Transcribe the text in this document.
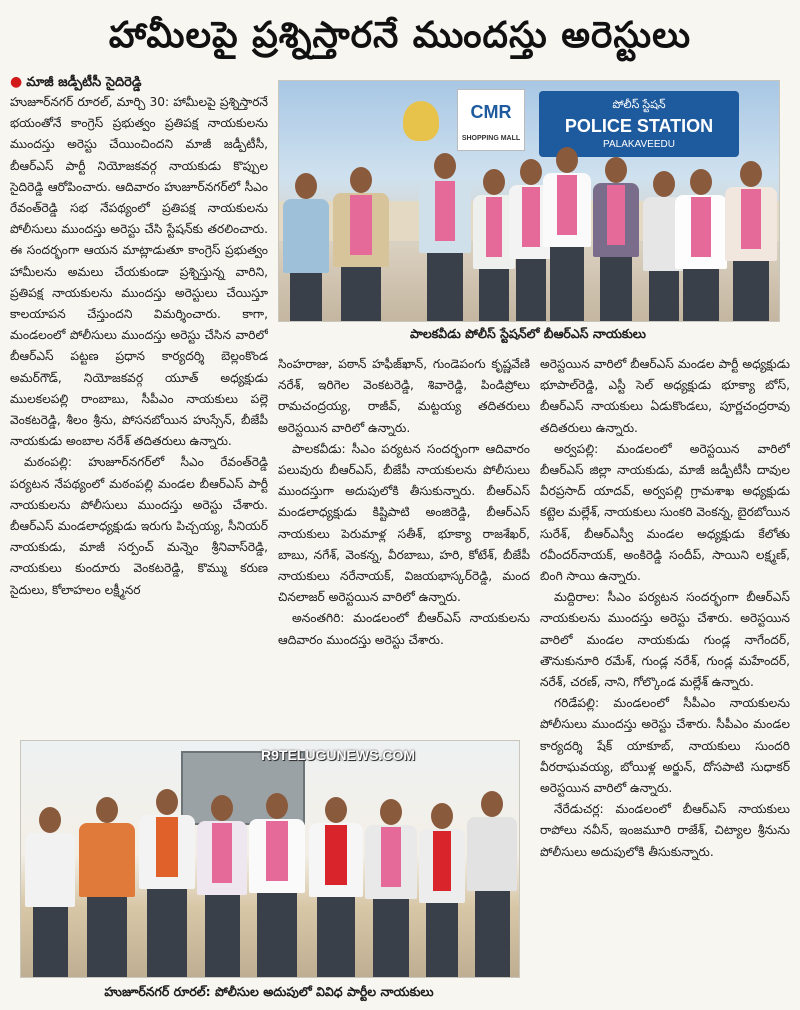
హామీలపై ప్రశ్నిస్తారనే ముందస్తు అరెస్టులు
● మాజీ జడ్పీటీసీ సైదిరెడ్డి

హుజూర్‌నగర్ రూరల్, మార్చి 30: హామీలపై ప్రశ్నిస్తారనే భయంతోనే కాంగ్రెస్ ప్రభుత్వం ప్రతిపక్ష నాయకులను ముందస్తు అరెస్టు చేయించిందని మాజీ జడ్పీటీసీ, బీఆర్ఎస్ పార్టీ నియోజకవర్గ నాయకుడు కొప్పుల సైదిరెడ్డి ఆరోపించారు. ఆదివారం హుజూర్‌నగర్‌లో సీఎం రేవంత్‌రెడ్డి సభ నేపథ్యంలో ప్రతిపక్ష నాయకులను పోలీసులు ముందస్తు అరెస్టు చేసి స్టేషన్‌కు తరలించారు. ఈ సందర్భంగా ఆయన మాట్లాడుతూ కాంగ్రెస్ ప్రభుత్వం హామీలను అమలు చేయకుండా ప్రశ్నిస్తున్న వారిని, ప్రతిపక్ష నాయకులను ముందస్తు అరెస్టులు చేయిస్తూ కాలయాపన చేస్తుందని విమర్శించారు. కాగా, మండలంలో పోలీసులు ముందస్తు అరెస్టు చేసిన వారిలో బీఆర్ఎస్ పట్టణ ప్రధాన కార్యదర్శి బెల్లంకొండ అమర్‌గౌడ్, నియోజకవర్గ యూత్ అధ్యక్షుడు ములకలపల్లి రాంబాబు, సీపీఎం నాయకులు పల్లె వెంకటరెడ్డి, శీలం శ్రీను, పోసనబోయిన హుస్సేన్, బీజేపీ నాయకుడు అంబాల నరేశ్ తదితరులు ఉన్నారు.

మఠంపల్లి: హుజూర్‌నగర్‌లో సీఎం రేవంత్‌రెడ్డి పర్యటన నేపథ్యంలో మఠంపల్లి మండల బీఆర్ఎస్ పార్టీ నాయకులను పోలీసులు ముందస్తు అరెస్టు చేశారు. బీఆర్ఎస్ మండలాధ్యక్షుడు ఇరుగు పిచ్చయ్య, సీనియర్ నాయకుడు, మాజీ సర్పంచ్ మన్నెం శ్రీనివాస్‌రెడ్డి, నాయకులు కుందూరు వెంకటరెడ్డి, కొమ్ము కరుణ సైదులు, కోలాహలం లక్ష్మీనర

CMR
SHOPPING MALL
పోలీస్ స్టేషన్
POLICE STATION
PALAKAVEEDU
పాలకవీడు పోలీస్ స్టేషన్‌లో బీఆర్ఎస్ నాయకులు

సింహరాజు, పఠాన్ హఫీజ్‌ఖాన్, గుండెపంగు కృష్ణవేణి నరేశ్, ఇరిగెల వెంకటరెడ్డి, శివారెడ్డి, పిండిప్రోలు రామచంద్రయ్య, రాజీవ్, మట్టయ్య తదితరులు అరెస్టయిన వారిలో ఉన్నారు.

పాలకవీడు: సీఎం పర్యటన సందర్భంగా ఆదివారం పలువురు బీఆర్ఎస్, బీజేపీ నాయకులను పోలీసులు ముందస్తుగా అదుపులోకి తీసుకున్నారు. బీఆర్ఎస్ మండలాధ్యక్షుడు కిష్టిపాటి అంజిరెడ్డి, బీఆర్ఎస్ నాయకులు పెరుమాళ్ల సతీశ్, భూక్యా రాజశేఖర్, బాబు, నగేశ్, వెంకన్న, వీరబాబు, హరి, కోటేశ్, బీజేపీ నాయకులు నరేనాయక్, విజయభాస్కర్‌రెడ్డి, మంద చినలాజర్ అరెస్టయిన వారిలో ఉన్నారు.

అనంతగిరి: మండలంలో బీఆర్ఎస్ నాయకులను ఆదివారం ముందస్తు అరెస్టు చేశారు.

అరెస్టయిన వారిలో బీఆర్ఎస్ మండల పార్టీ అధ్యక్షుడు భూపాల్‌రెడ్డి, ఎస్టీ సెల్ అధ్యక్షుడు భూక్యా బోస్, బీఆర్ఎస్ నాయకులు ఏడుకొండలు, పూర్ణచంద్రరావు తదితరులు ఉన్నారు.

అర్వపల్లి: మండలంలో అరెస్టయిన వారిలో బీఆర్ఎస్ జిల్లా నాయకుడు, మాజీ జడ్పీటీసీ దావుల వీరప్రసాద్ యాదవ్, అర్వపల్లి గ్రామశాఖ అధ్యక్షుడు కట్టెల మల్లేశ్, నాయకులు సుంకరి వెంకన్న, బైరబోయిన సురేశ్, బీఆర్ఎస్వీ మండల అధ్యక్షుడు కేలోతు రవీందర్‌నాయక్, అంకిరెడ్డి సందీప్, సాయిని లక్ష్మణ్, బింగి సాయి ఉన్నారు.

మద్దిరాల: సీఎం పర్యటన సందర్భంగా బీఆర్ఎస్ నాయకులను ముందస్తు అరెస్టు చేశారు. అరెస్టయిన వారిలో మండల నాయకుడు గుండ్ల నాగేందర్, తౌనుకునూరి రమేశ్, గుండ్ల నరేశ్, గుండ్ల మహేందర్, నరేశ్, చరణ్, నాని, గోల్కొండ మల్లేశ్ ఉన్నారు.

గరిడేపల్లి: మండలంలో సీపీఎం నాయకులను పోలీసులు ముందస్తు అరెస్టు చేశారు. సీపీఎం మండల కార్యదర్శి షేక్ యాకూబ్, నాయకులు సుందరి వీరరాఘవయ్య, బోయిళ్ల అర్జున్, దోసపాటి సుధాకర్ అరెస్టయిన వారిలో ఉన్నారు.

నేరేడుచర్ల: మండలంలో బీఆర్ఎస్ నాయకులు రాపోలు నవీన్, ఇంజమూరి రాజేశ్, చిట్యాల శ్రీనును పోలీసులు అదుపులోకి తీసుకున్నారు.

R9TELUGUNEWS.COM
హుజూర్‌నగర్ రూరల్: పోలీసుల అదుపులో వివిధ పార్టీల నాయకులు
